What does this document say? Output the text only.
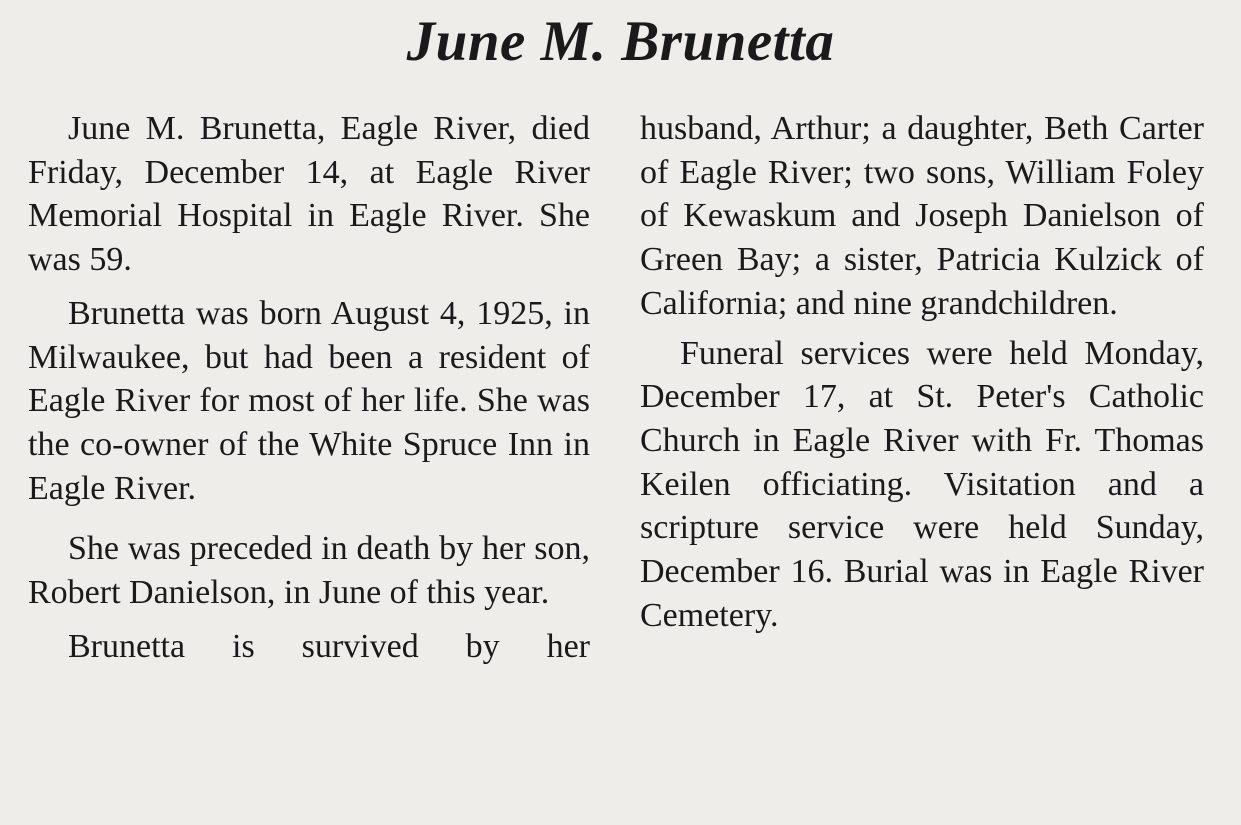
June M. Brunetta

June M. Brunetta, Eagle River, died Friday, December 14, at Eagle River Memorial Hospital in Eagle River. She was 59.

Brunetta was born August 4, 1925, in Milwaukee, but had been a resident of Eagle River for most of her life. She was the co-owner of the White Spruce Inn in Eagle River.

She was preceded in death by her son, Robert Danielson, in June of this year.

Brunetta is survived by her

husband, Arthur; a daughter, Beth Carter of Eagle River; two sons, William Foley of Kewaskum and Joseph Danielson of Green Bay; a sister, Patricia Kulzick of California; and nine grandchildren.

Funeral services were held Monday, December 17, at St. Peter's Catholic Church in Eagle River with Fr. Thomas Keilen officiating. Visitation and a scripture service were held Sunday, December 16. Burial was in Eagle River Cemetery.
